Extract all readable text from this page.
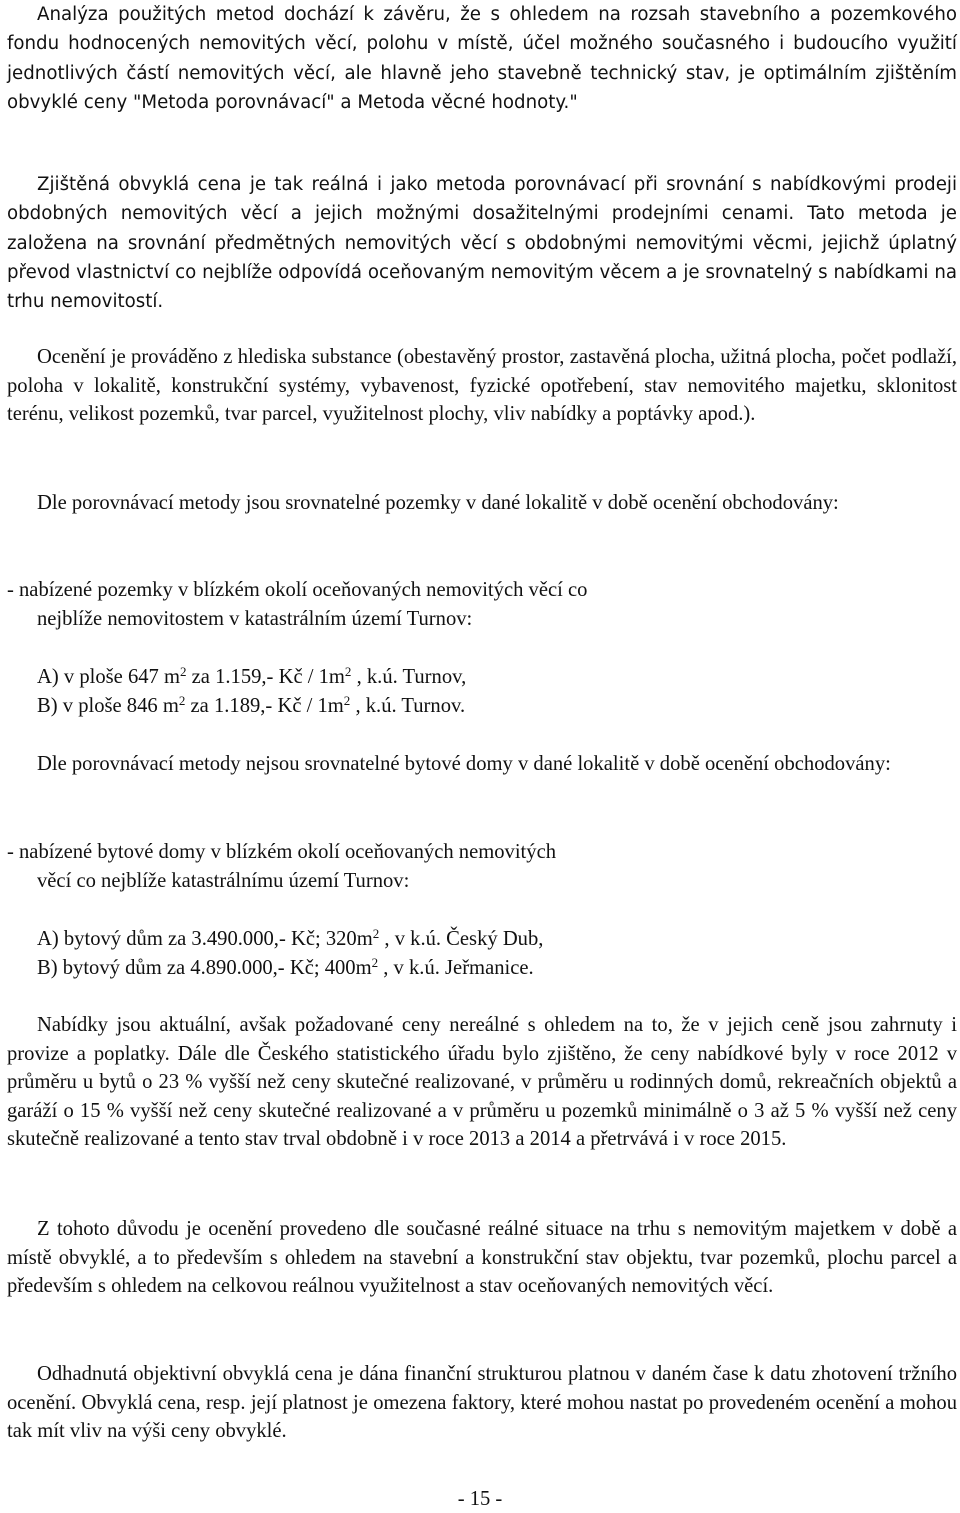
Analýza použitých metod dochází k závěru, že s ohledem na rozsah stavebního a pozemkového fondu hodnocených nemovitých věcí, polohu v místě, účel možného současného i budoucího využití jednotlivých částí nemovitých věcí, ale hlavně jeho stavebně technický stav, je optimálním zjištěním obvyklé ceny "Metoda porovnávací" a Metoda věcné hodnoty."

Zjištěná obvyklá cena je tak reálná i jako metoda porovnávací při srovnání s nabídkovými prodeji obdobných nemovitých věcí a jejich možnými dosažitelnými prodejními cenami. Tato metoda je založena na srovnání předmětných nemovitých věcí s obdobnými nemovitými věcmi, jejichž úplatný převod vlastnictví co nejblíže odpovídá oceňovaným nemovitým věcem a je srovnatelný s nabídkami na trhu nemovitostí.

Ocenění je prováděno z hlediska substance (obestavěný prostor, zastavěná plocha, užitná plocha, počet podlaží, poloha v lokalitě, konstrukční systémy, vybavenost, fyzické opotřebení, stav nemovitého majetku, sklonitost terénu, velikost pozemků, tvar parcel, využitelnost plochy, vliv nabídky a poptávky apod.).

Dle porovnávací metody jsou srovnatelné pozemky v dané lokalitě v době ocenění obchodovány:

- nabízené pozemky v blízkém okolí oceňovaných nemovitých věcí co
nejblíže nemovitostem v katastrálním území Turnov:
A) v ploše 647 $m^2$ za 1.159,- Kč / $1m^2$ , k.ú. Turnov,
B) v ploše 846 $m^2$ za 1.189,- Kč / $1m^2$ , k.ú. Turnov.

Dle porovnávací metody nejsou srovnatelné bytové domy v dané lokalitě v době ocenění obchodovány:

- nabízené bytové domy v blízkém okolí oceňovaných nemovitých
věcí co nejblíže katastrálnímu území Turnov:
A) bytový dům za 3.490.000,- Kč; $320m^2$ , v k.ú. Český Dub,
B) bytový dům za 4.890.000,- Kč; $400m^2$ , v k.ú. Jeřmanice.

Nabídky jsou aktuální, avšak požadované ceny nereálné s ohledem na to, že v jejich ceně jsou zahrnuty i provize a poplatky. Dále dle Českého statistického úřadu bylo zjištěno, že ceny nabídkové byly v roce 2012 v průměru u bytů o 23 % vyšší než ceny skutečné realizované, v průměru u rodinných domů, rekreačních objektů a garáží o 15 % vyšší než ceny skutečné realizované a v průměru u pozemků minimálně o 3 až 5 % vyšší než ceny skutečně realizované a tento stav trval obdobně i v roce 2013 a 2014 a přetrvává i v roce 2015.

Z tohoto důvodu je ocenění provedeno dle současné reálné situace na trhu s nemovitým majetkem v době a místě obvyklé, a to především s ohledem na stavební a konstrukční stav objektu, tvar pozemků, plochu parcel a především s ohledem na celkovou reálnou využitelnost a stav oceňovaných nemovitých věcí.

Odhadnutá objektivní obvyklá cena je dána finanční strukturou platnou v daném čase k datu zhotovení tržního ocenění. Obvyklá cena, resp. její platnost je omezena faktory, které mohou nastat po provedeném ocenění a mohou tak mít vliv na výši ceny obvyklé.

- 15 -
